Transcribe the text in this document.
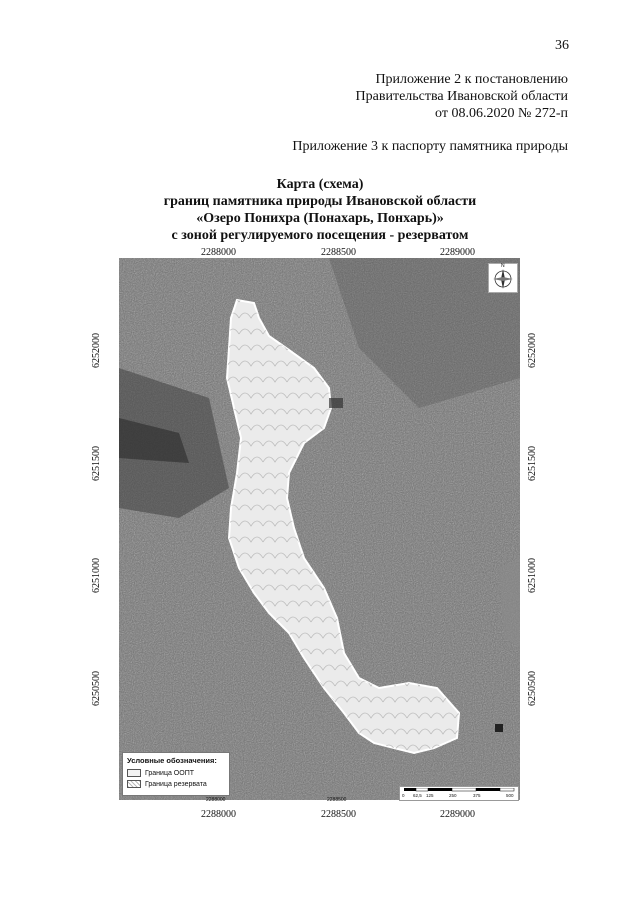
36
Приложение 2 к постановлению
Правительства Ивановской области
от 08.06.2020 № 272-п
Приложение 3 к паспорту памятника природы
Карта (схема)
границ памятника природы Ивановской области
«Озеро Понихра (Понахарь, Понхарь)»
с зоной регулируемого посещения - резерватом
2288000	2288500	2289000
2288000	2288500
N
Условные обозначения:
Граница ООПТ
Граница резервата
0 62,5 125	250	375	500
6252000
6251500
6251000
6250500
6252000
6251500
6251000
6250500
2288000	2288500	2289000
